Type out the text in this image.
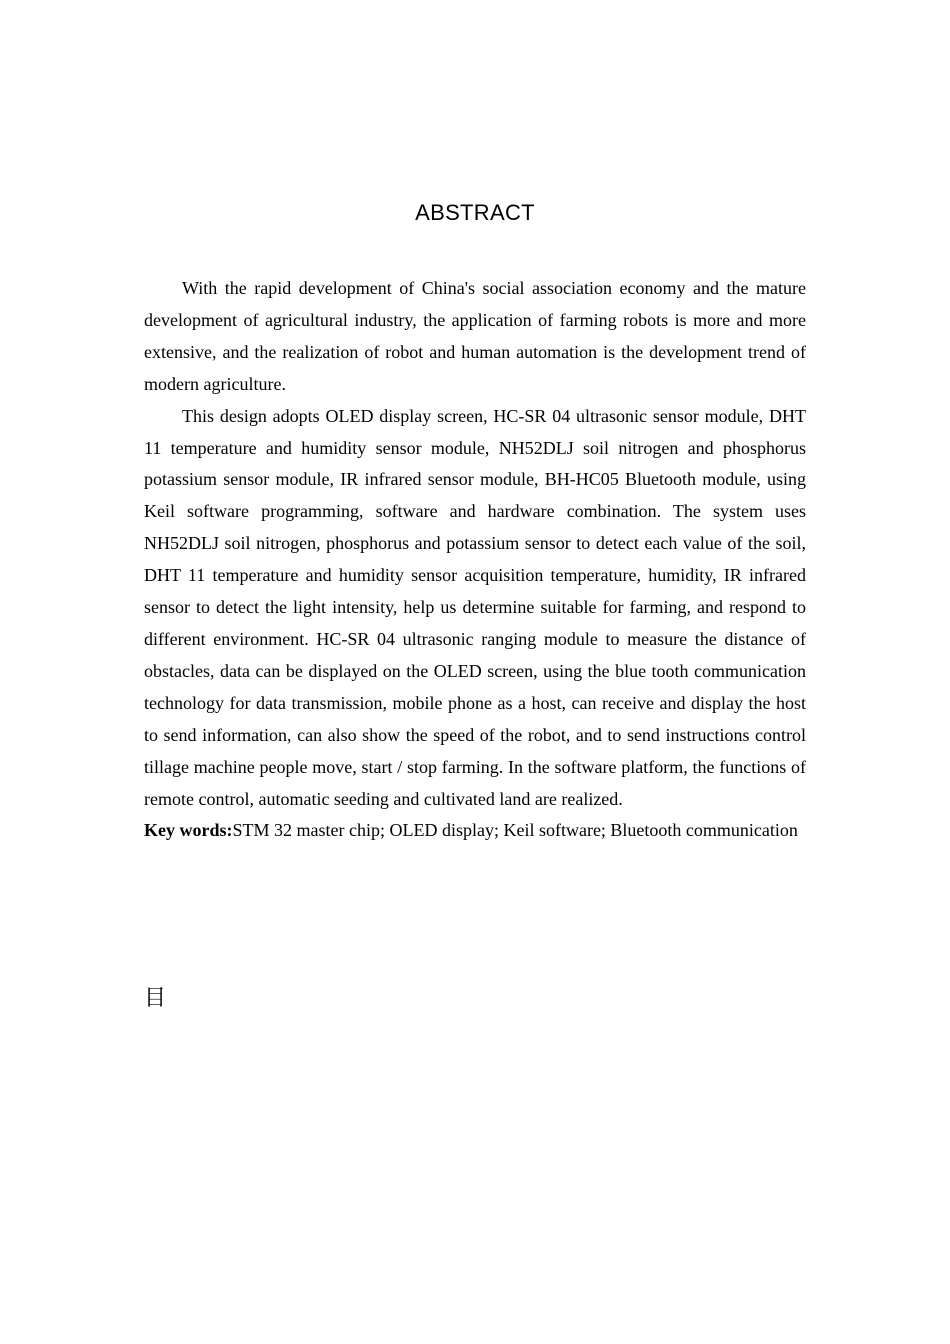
ABSTRACT

With the rapid development of China's social association economy and the mature development of agricultural industry, the application of farming robots is more and more extensive, and the realization of robot and human automation is the development trend of modern agriculture.

This design adopts OLED display screen, HC-SR 04 ultrasonic sensor module, DHT 11 temperature and humidity sensor module, NH52DLJ soil nitrogen and phosphorus potassium sensor module, IR infrared sensor module, BH-HC05 Bluetooth module, using Keil software programming, software and hardware combination. The system uses NH52DLJ soil nitrogen, phosphorus and potassium sensor to detect each value of the soil, DHT 11 temperature and humidity sensor acquisition temperature, humidity, IR infrared sensor to detect the light intensity, help us determine suitable for farming, and respond to different environment. HC-SR 04 ultrasonic ranging module to measure the distance of obstacles, data can be displayed on the OLED screen, using the blue tooth communication technology for data transmission, mobile phone as a host, can receive and display the host to send information, can also show the speed of the robot, and to send instructions control tillage machine people move, start / stop farming. In the software platform, the functions of remote control, automatic seeding and cultivated land are realized.

Key words:STM 32 master chip; OLED display; Keil software; Bluetooth communication

目
